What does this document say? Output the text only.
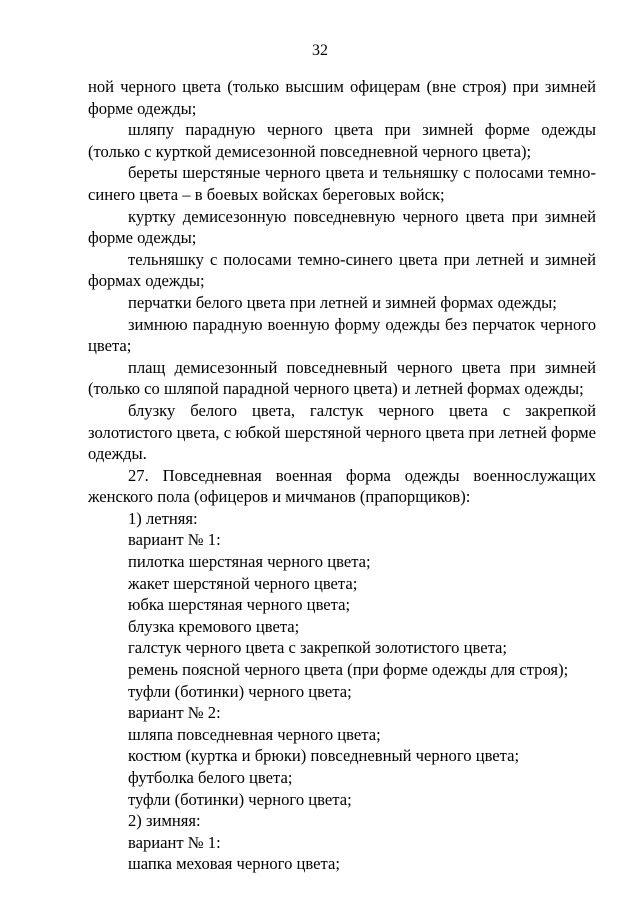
32

ной черного цвета (только высшим офицерам (вне строя) при зимней форме одежды;

шляпу парадную черного цвета при зимней форме одежды (только с курткой демисезонной повседневной черного цвета);

береты шерстяные черного цвета и тельняшку с полосами темно-синего цвета – в боевых войсках береговых войск;

куртку демисезонную повседневную черного цвета при зимней форме одежды;

тельняшку с полосами темно-синего цвета при летней и зимней формах одежды;

перчатки белого цвета при летней и зимней формах одежды;

зимнюю парадную военную форму одежды без перчаток черного цвета;

плащ демисезонный повседневный черного цвета при зимней (только со шляпой парадной черного цвета) и летней формах одежды;

блузку белого цвета, галстук черного цвета с закрепкой золотистого цвета, с юбкой шерстяной черного цвета при летней форме одежды.

27. Повседневная военная форма одежды военнослужащих женского пола (офицеров и мичманов (прапорщиков):

1) летняя:

вариант № 1:

пилотка шерстяная черного цвета;

жакет шерстяной черного цвета;

юбка шерстяная черного цвета;

блузка кремового цвета;

галстук черного цвета с закрепкой золотистого цвета;

ремень поясной черного цвета (при форме одежды для строя);

туфли (ботинки) черного цвета;

вариант № 2:

шляпа повседневная черного цвета;

костюм (куртка и брюки) повседневный черного цвета;

футболка белого цвета;

туфли (ботинки) черного цвета;

2) зимняя:

вариант № 1:

шапка меховая черного цвета;
